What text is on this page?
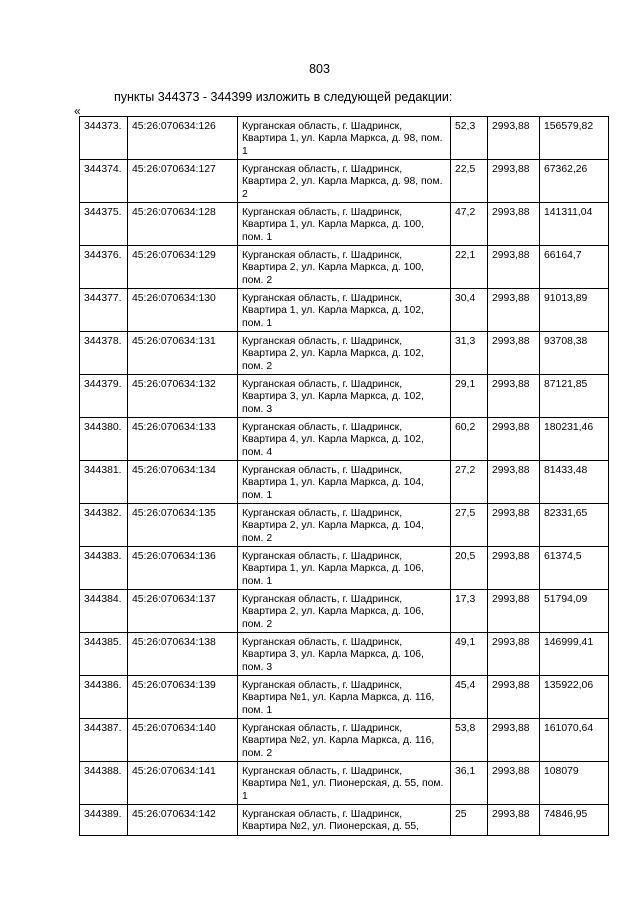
803
пункты 344373 - 344399 изложить в следующей редакции:
«
344373.	45:26:070634:126	Курганская область, г. Шадринск, Квартира 1, ул. Карла Маркса, д. 98, пом. 1	52,3	2993,88	156579,82
344374.	45:26:070634:127	Курганская область, г. Шадринск, Квартира 2, ул. Карла Маркса, д. 98, пом. 2	22,5	2993,88	67362,26
344375.	45:26:070634:128	Курганская область, г. Шадринск, Квартира 1, ул. Карла Маркса, д. 100, пом. 1	47,2	2993,88	141311,04
344376.	45:26:070634:129	Курганская область, г. Шадринск, Квартира 2, ул. Карла Маркса, д. 100, пом. 2	22,1	2993,88	66164,7
344377.	45:26:070634:130	Курганская область, г. Шадринск, Квартира 1, ул. Карла Маркса, д. 102, пом. 1	30,4	2993,88	91013,89
344378.	45:26:070634:131	Курганская область, г. Шадринск, Квартира 2, ул. Карла Маркса, д. 102, пом. 2	31,3	2993,88	93708,38
344379.	45:26:070634:132	Курганская область, г. Шадринск, Квартира 3, ул. Карла Маркса, д. 102, пом. 3	29,1	2993,88	87121,85
344380.	45:26:070634:133	Курганская область, г. Шадринск, Квартира 4, ул. Карла Маркса, д. 102, пом. 4	60,2	2993,88	180231,46
344381.	45:26:070634:134	Курганская область, г. Шадринск, Квартира 1, ул. Карла Маркса, д. 104, пом. 1	27,2	2993,88	81433,48
344382.	45:26:070634:135	Курганская область, г. Шадринск, Квартира 2, ул. Карла Маркса, д. 104, пом. 2	27,5	2993,88	82331,65
344383.	45:26:070634:136	Курганская область, г. Шадринск, Квартира 1, ул. Карла Маркса, д. 106, пом. 1	20,5	2993,88	61374,5
344384.	45:26:070634:137	Курганская область, г. Шадринск, Квартира 2, ул. Карла Маркса, д. 106, пом. 2	17,3	2993,88	51794,09
344385.	45:26:070634:138	Курганская область, г. Шадринск, Квартира 3, ул. Карла Маркса, д. 106, пом. 3	49,1	2993,88	146999,41
344386.	45:26:070634:139	Курганская область, г. Шадринск, Квартира №1, ул. Карла Маркса, д. 116, пом. 1	45,4	2993,88	135922,06
344387.	45:26:070634:140	Курганская область, г. Шадринск, Квартира №2, ул. Карла Маркса, д. 116, пом. 2	53,8	2993,88	161070,64
344388.	45:26:070634:141	Курганская область, г. Шадринск, Квартира №1, ул. Пионерская, д. 55, пом. 1	36,1	2993,88	108079
344389.	45:26:070634:142	Курганская область, г. Шадринск, Квартира №2, ул. Пионерская, д. 55,	25	2993,88	74846,95
